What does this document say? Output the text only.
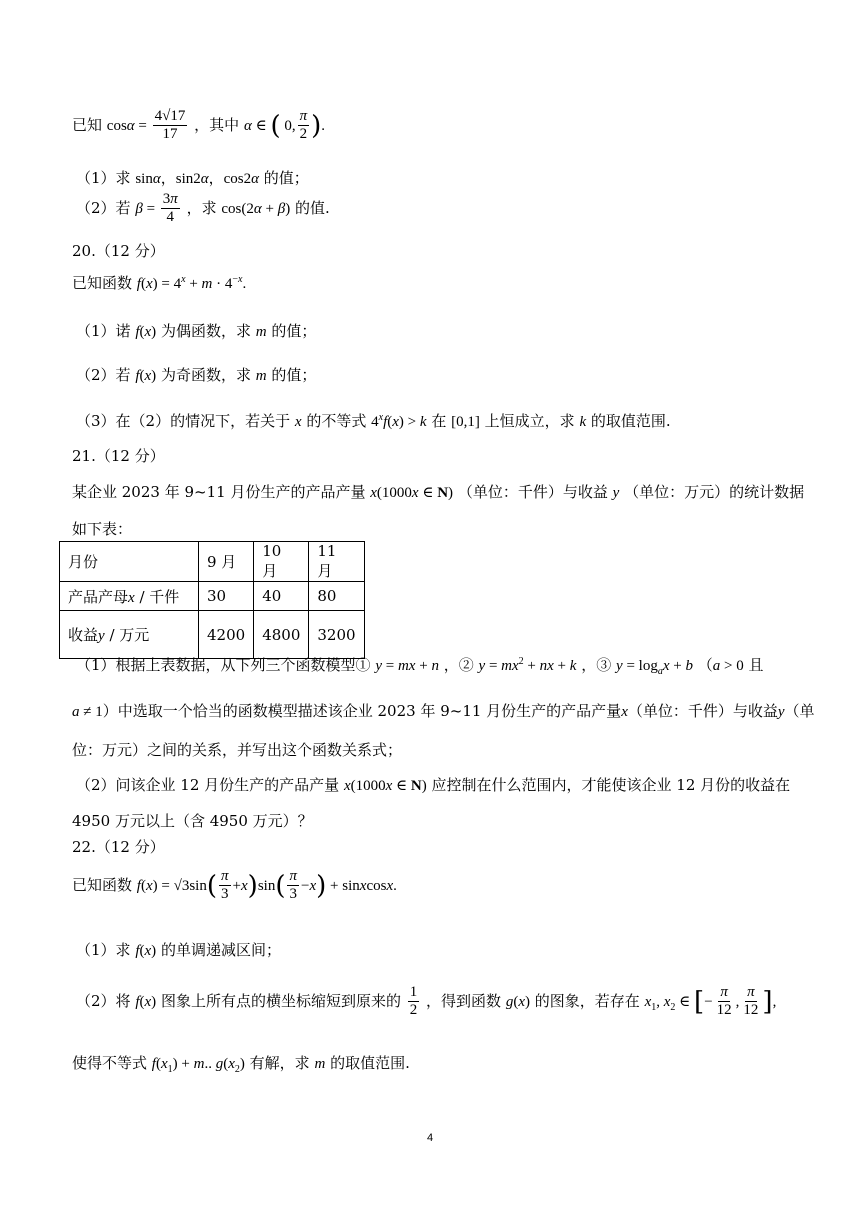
已知 $\cos\alpha = \frac{4√17}{17}$ ，其中 α ∈ ( 0, $\frac{\pi}{2}$ ).
（1）求 sinα，sin2α，cos2α 的值；
（2）若 $\beta = \frac{3\pi}{4}$ ，求 cos(2α + β) 的值.
20.（12 分）
已知函数 $f(x) = 4^x + m \cdot 4^{-x}$.
（1）诺 f(x) 为偶函数，求 m 的值；
（2）若 f(x) 为奇函数，求 m 的值；
（3）在（2）的情况下，若关于 x 的不等式 $4^xf(x) > k$ 在 [0,1] 上恒成立，求 k 的取值范围.
21.（12 分）
某企业 2023 年 9~11 月份生产的产品产量 x(1000x ∈ N) （单位：千件）与收益 y （单位：万元）的统计数据
如下表：
月份	9 月	10 月	11 月
产品产母x / 千件	30	40	80
收益y / 万元	4200	4800	3200
（1）根据上表数据，从下列三个函数模型① y = mx + n ，② $y = mx^2$ + nx + k ，③ $y = \log_ax + b$ （a > 0 且
a ≠ 1）中选取一个恰当的函数模型描述该企业 2023 年 9~11 月份生产的产品产量x（单位：千件）与收益y（单
位：万元）之间的关系，并写出这个函数关系式；
（2）问该企业 12 月份生产的产品产量 x(1000x ∈ N) 应控制在什么范围内，才能使该企业 12 月份的收益在
4950 万元以上（含 4950 万元）？
22.（12 分）
已知函数 $f(x) = √3\sin( \frac{\pi}{3} +x)\sin( \frac{\pi}{3} -x)$ + sinxcosx.
（1）求 f(x) 的单调递减区间；
（2）将 f(x) 图象上所有点的横坐标缩短到原来的 $\frac{1}{2}$ ，得到函数 g(x) 的图象，若存在 $x_1$, $x_2$ ∈ [− $\frac{\pi}{12}$ , $\frac{\pi}{12}$ ],
使得不等式 $f(x_1) + m$.. $g(x_2)$ 有解，求 m 的取值范围.
4
